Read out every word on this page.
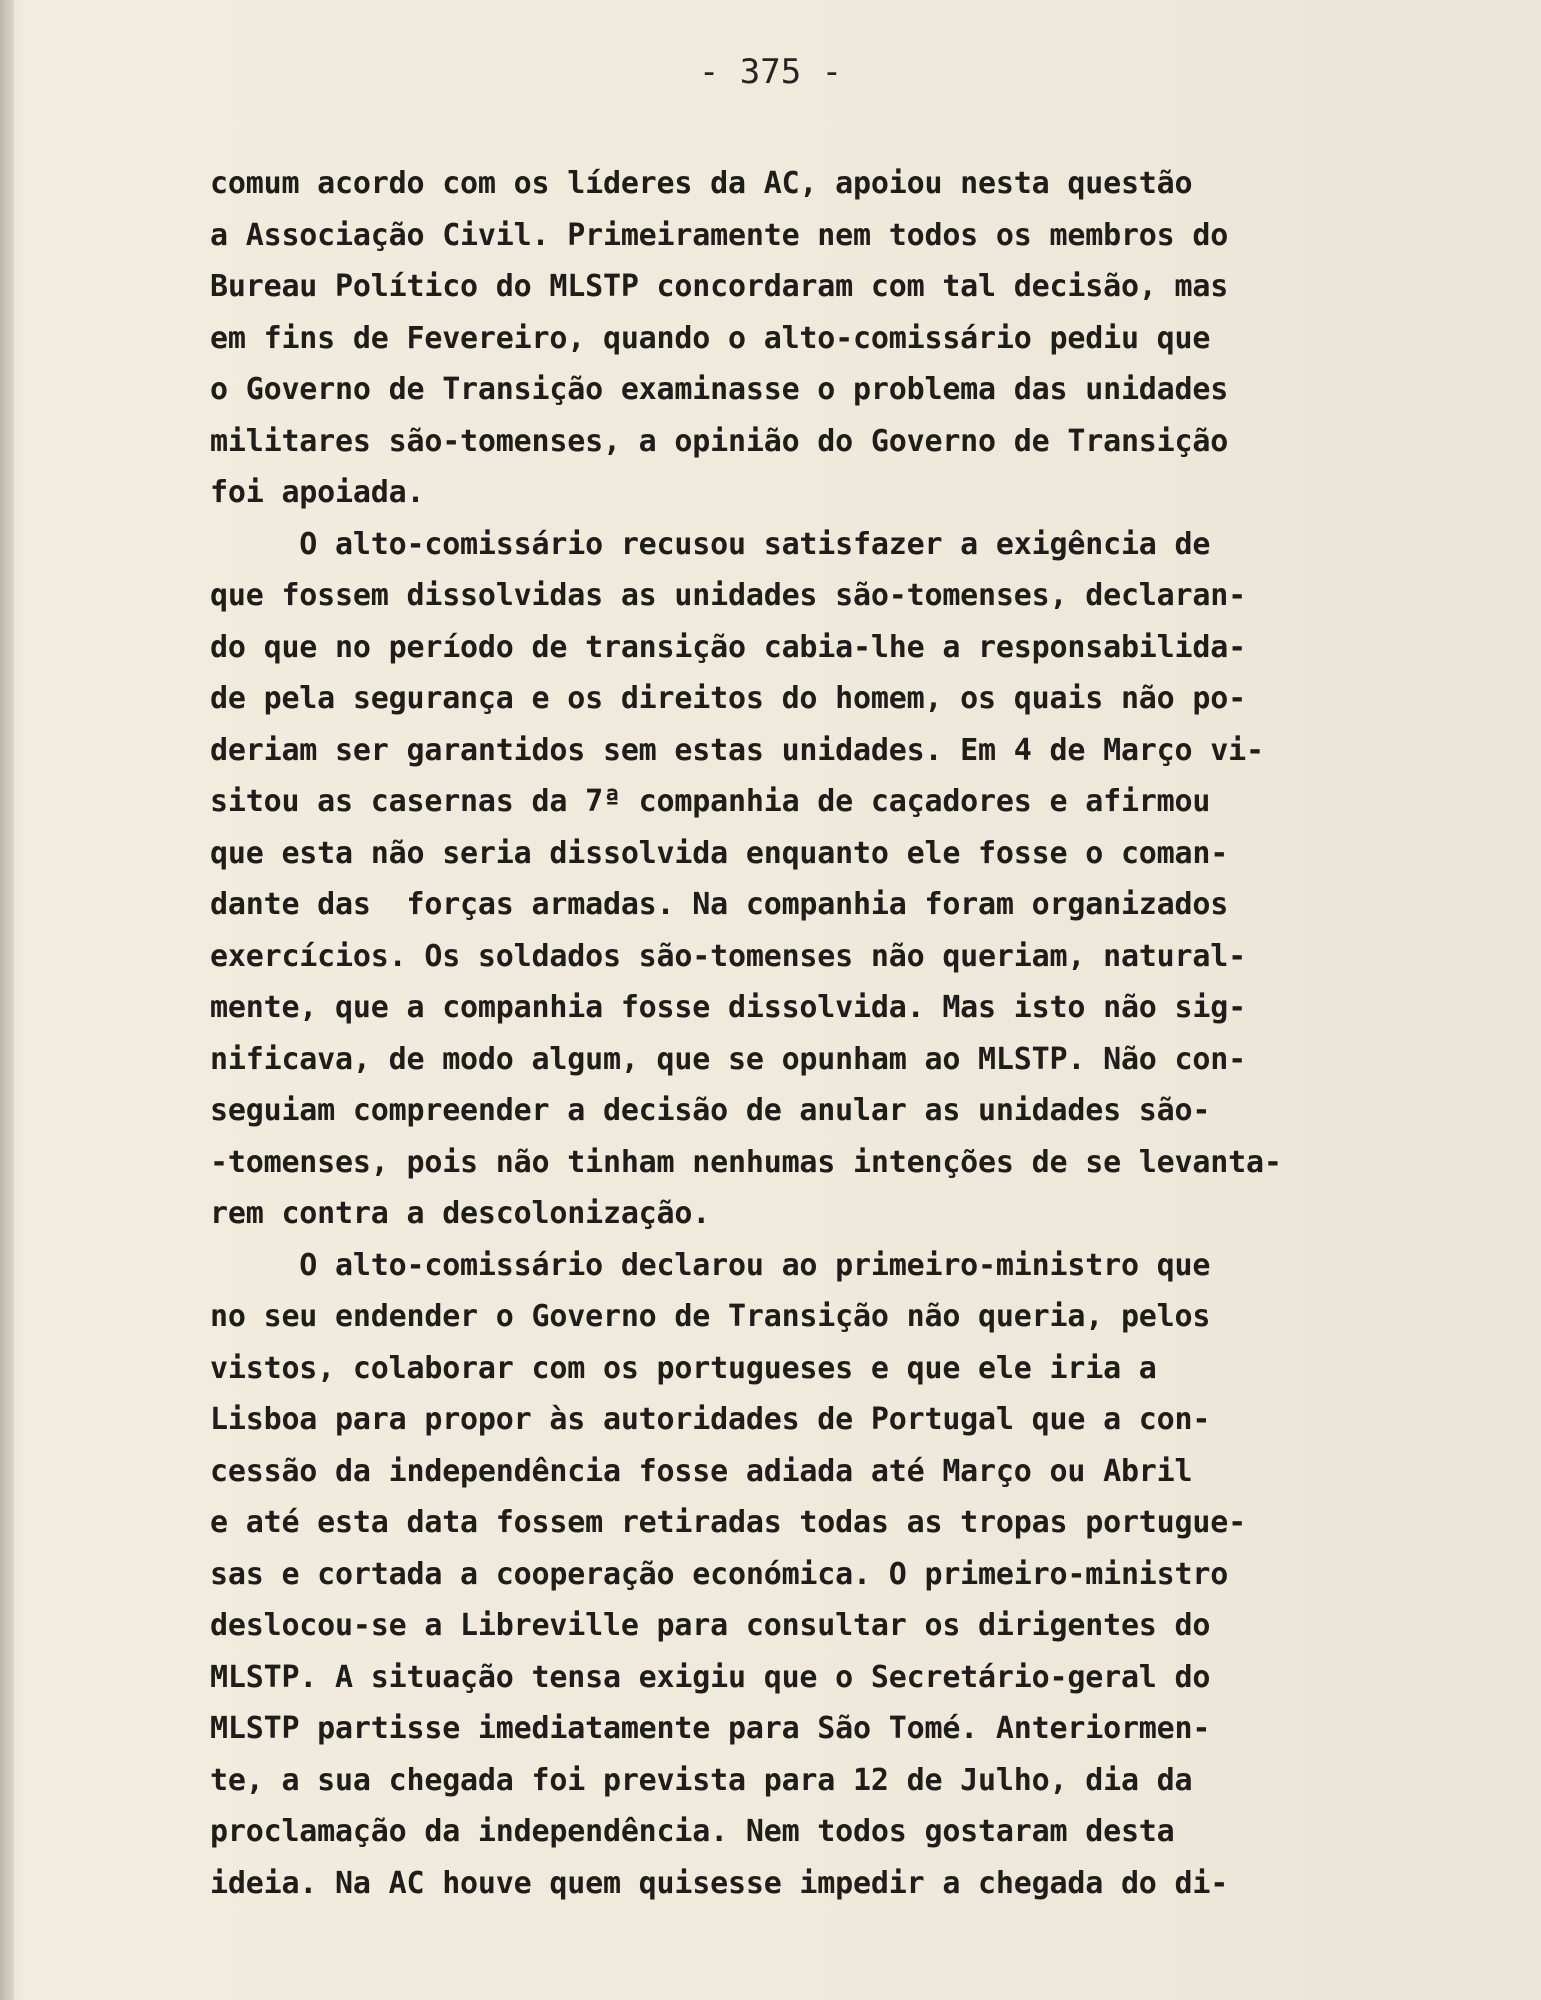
- 375 -
comum acordo com os líderes da AC, apoiou nesta questão
a Associação Civil. Primeiramente nem todos os membros do
Bureau Político do MLSTP concordaram com tal decisão, mas
em fins de Fevereiro, quando o alto-comissário pediu que
o Governo de Transição examinasse o problema das unidades
militares são-tomenses, a opinião do Governo de Transição
foi apoiada.
O alto-comissário recusou satisfazer a exigência de
que fossem dissolvidas as unidades são-tomenses, declaran-
do que no período de transição cabia-lhe a responsabilida-
de pela segurança e os direitos do homem, os quais não po-
deriam ser garantidos sem estas unidades. Em 4 de Março vi-
sitou as casernas da 7ª companhia de caçadores e afirmou
que esta não seria dissolvida enquanto ele fosse o coman-
dante das  forças armadas. Na companhia foram organizados
exercícios. Os soldados são-tomenses não queriam, natural-
mente, que a companhia fosse dissolvida. Mas isto não sig-
nificava, de modo algum, que se opunham ao MLSTP. Não con-
seguiam compreender a decisão de anular as unidades são-
-tomenses, pois não tinham nenhumas intenções de se levanta-
rem contra a descolonização.
O alto-comissário declarou ao primeiro-ministro que
no seu endender o Governo de Transição não queria, pelos
vistos, colaborar com os portugueses e que ele iria a
Lisboa para propor às autoridades de Portugal que a con-
cessão da independência fosse adiada até Março ou Abril
e até esta data fossem retiradas todas as tropas portugue-
sas e cortada a cooperação económica. O primeiro-ministro
deslocou-se a Libreville para consultar os dirigentes do
MLSTP. A situação tensa exigiu que o Secretário-geral do
MLSTP partisse imediatamente para São Tomé. Anteriormen-
te, a sua chegada foi prevista para 12 de Julho, dia da
proclamação da independência. Nem todos gostaram desta
ideia. Na AC houve quem quisesse impedir a chegada do di-
